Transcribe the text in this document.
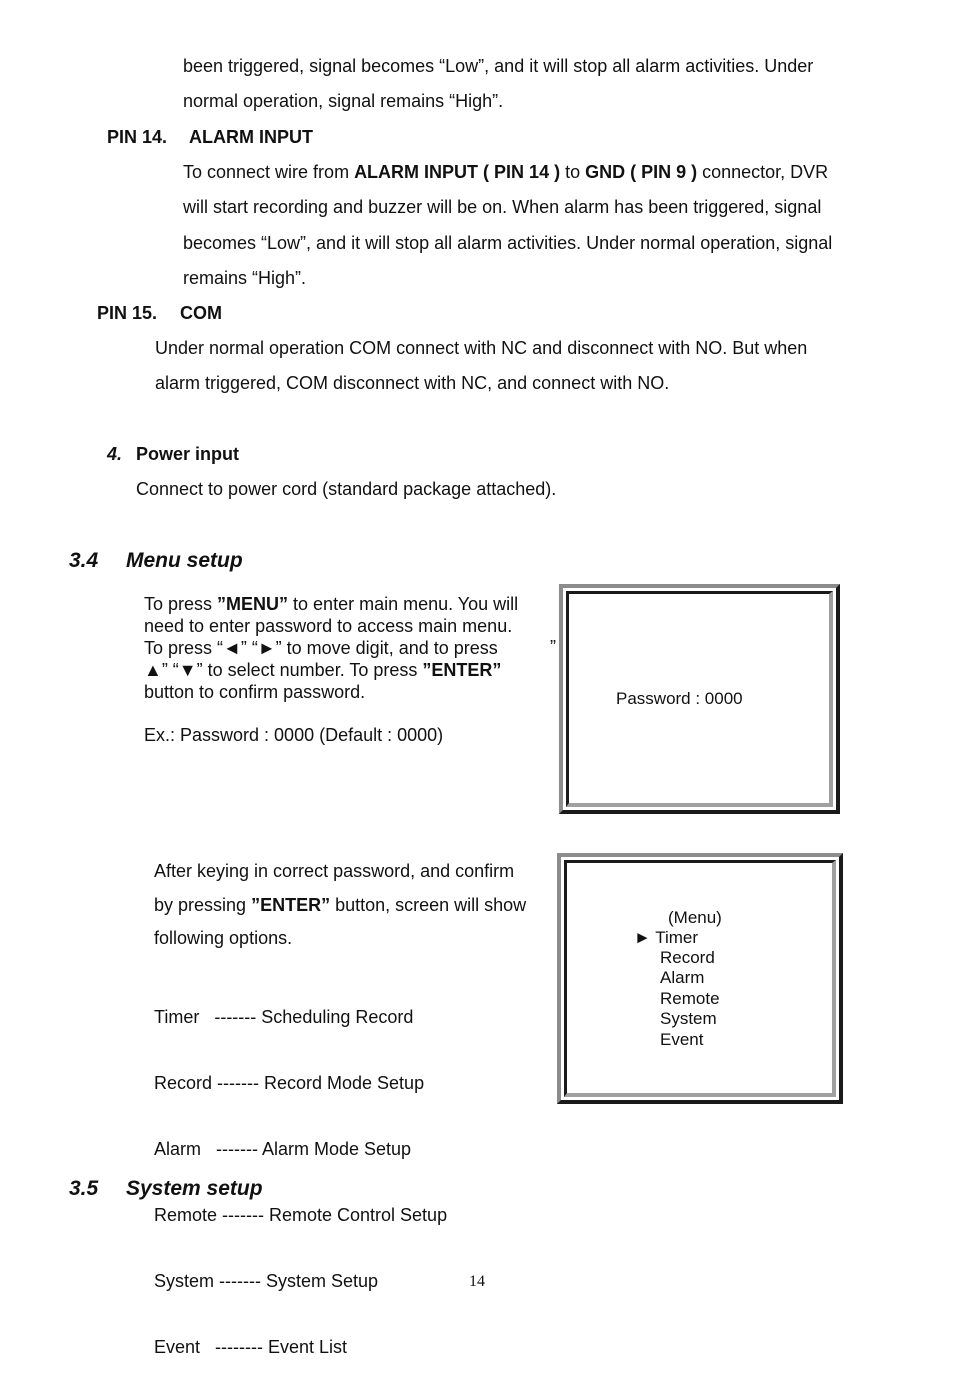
been triggered, signal becomes “Low”, and it will stop all alarm activities. Under
normal operation, signal remains “High”.
PIN 14. ALARM INPUT
To connect wire from ALARM INPUT ( PIN 14 ) to GND ( PIN 9 ) connector, DVR
will start recording and buzzer will be on. When alarm has been triggered, signal
becomes “Low”, and it will stop all alarm activities. Under normal operation, signal
remains “High”.
PIN 15. COM
Under normal operation COM connect with NC and disconnect with NO. But when
alarm triggered, COM disconnect with NC, and connect with NO.
4. Power input
Connect to power cord (standard package attached).
3.4 Menu setup
To press ”MENU” to enter main menu. You will
need to enter password to access main menu.
To press “◄” “►” to move digit, and to press
▲” “▼” to select number. To press ”ENTER”
button to confirm password.
”
Ex.: Password : 0000 (Default : 0000)
Password : 0000
After keying in correct password, and confirm
by pressing ”ENTER” button, screen will show
following options.

Timer   ------- Scheduling Record

Record ------- Record Mode Setup

Alarm   ------- Alarm Mode Setup

Remote ------- Remote Control Setup

System ------- System Setup

Event   -------- Event List

(Menu)
► Timer
Record
Alarm
Remote
System
Event
3.5 System setup
14
